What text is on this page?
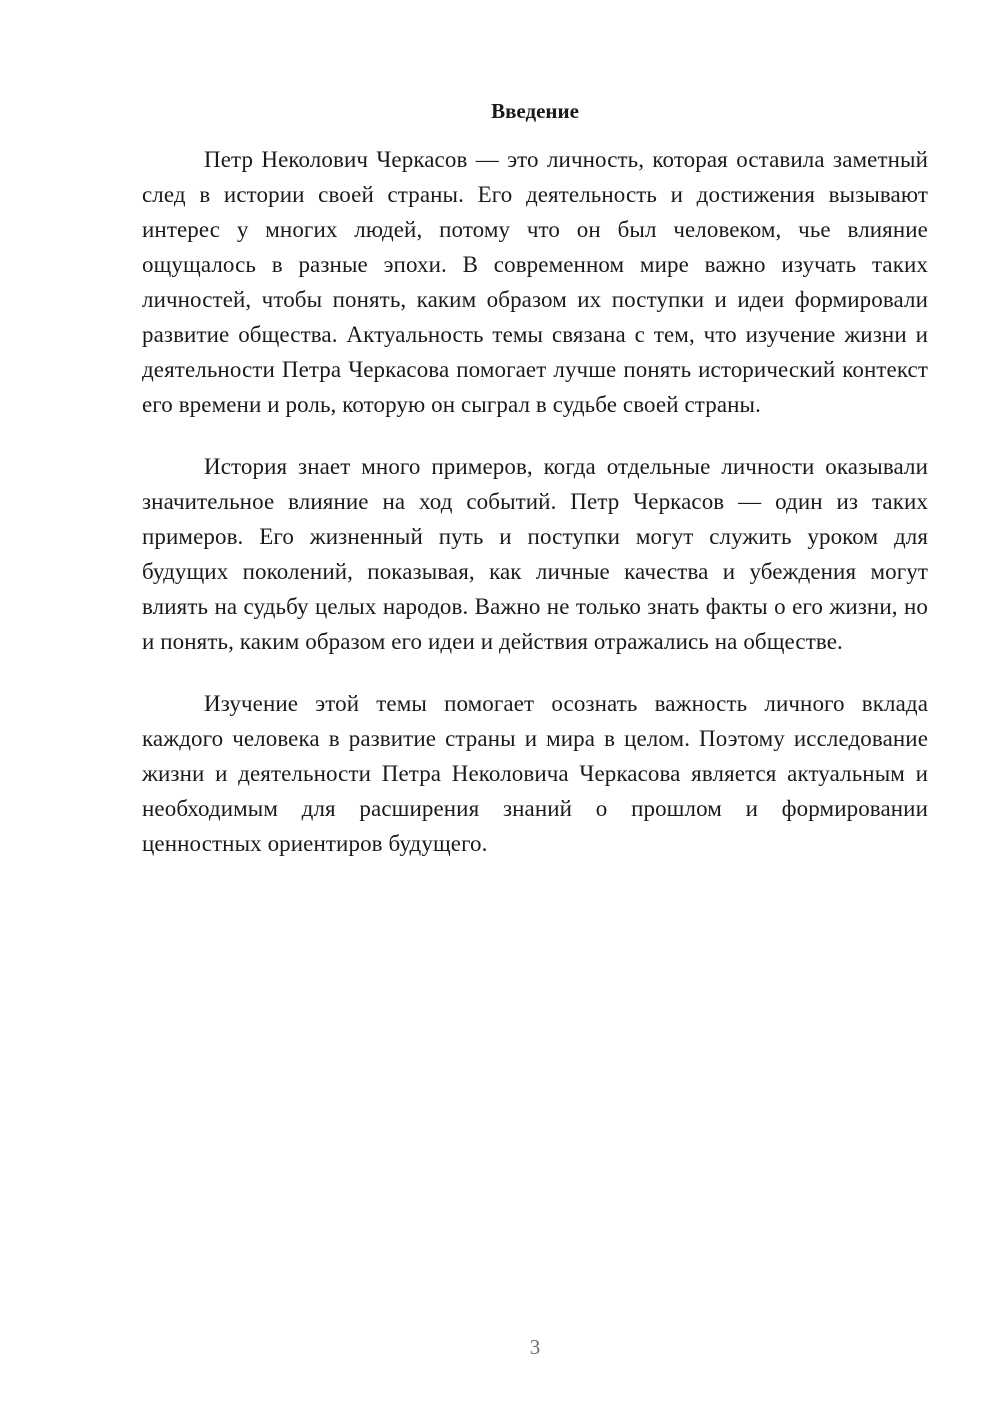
Введение

Петр Неколович Черкасов — это личность, которая оставила заметный след в истории своей страны. Его деятельность и достижения вызывают интерес у многих людей, потому что он был человеком, чье влияние ощущалось в разные эпохи. В современном мире важно изучать таких личностей, чтобы понять, каким образом их поступки и идеи формировали развитие общества. Актуальность темы связана с тем, что изучение жизни и деятельности Петра Черкасова помогает лучше понять исторический контекст его времени и роль, которую он сыграл в судьбе своей страны.

История знает много примеров, когда отдельные личности оказывали значительное влияние на ход событий. Петр Черкасов — один из таких примеров. Его жизненный путь и поступки могут служить уроком для будущих поколений, показывая, как личные качества и убеждения могут влиять на судьбу целых народов. Важно не только знать факты о его жизни, но и понять, каким образом его идеи и действия отражались на обществе.

Изучение этой темы помогает осознать важность личного вклада каждого человека в развитие страны и мира в целом. Поэтому исследование жизни и деятельности Петра Неколовича Черкасова является актуальным и необходимым для расширения знаний о прошлом и формировании ценностных ориентиров будущего.

3
